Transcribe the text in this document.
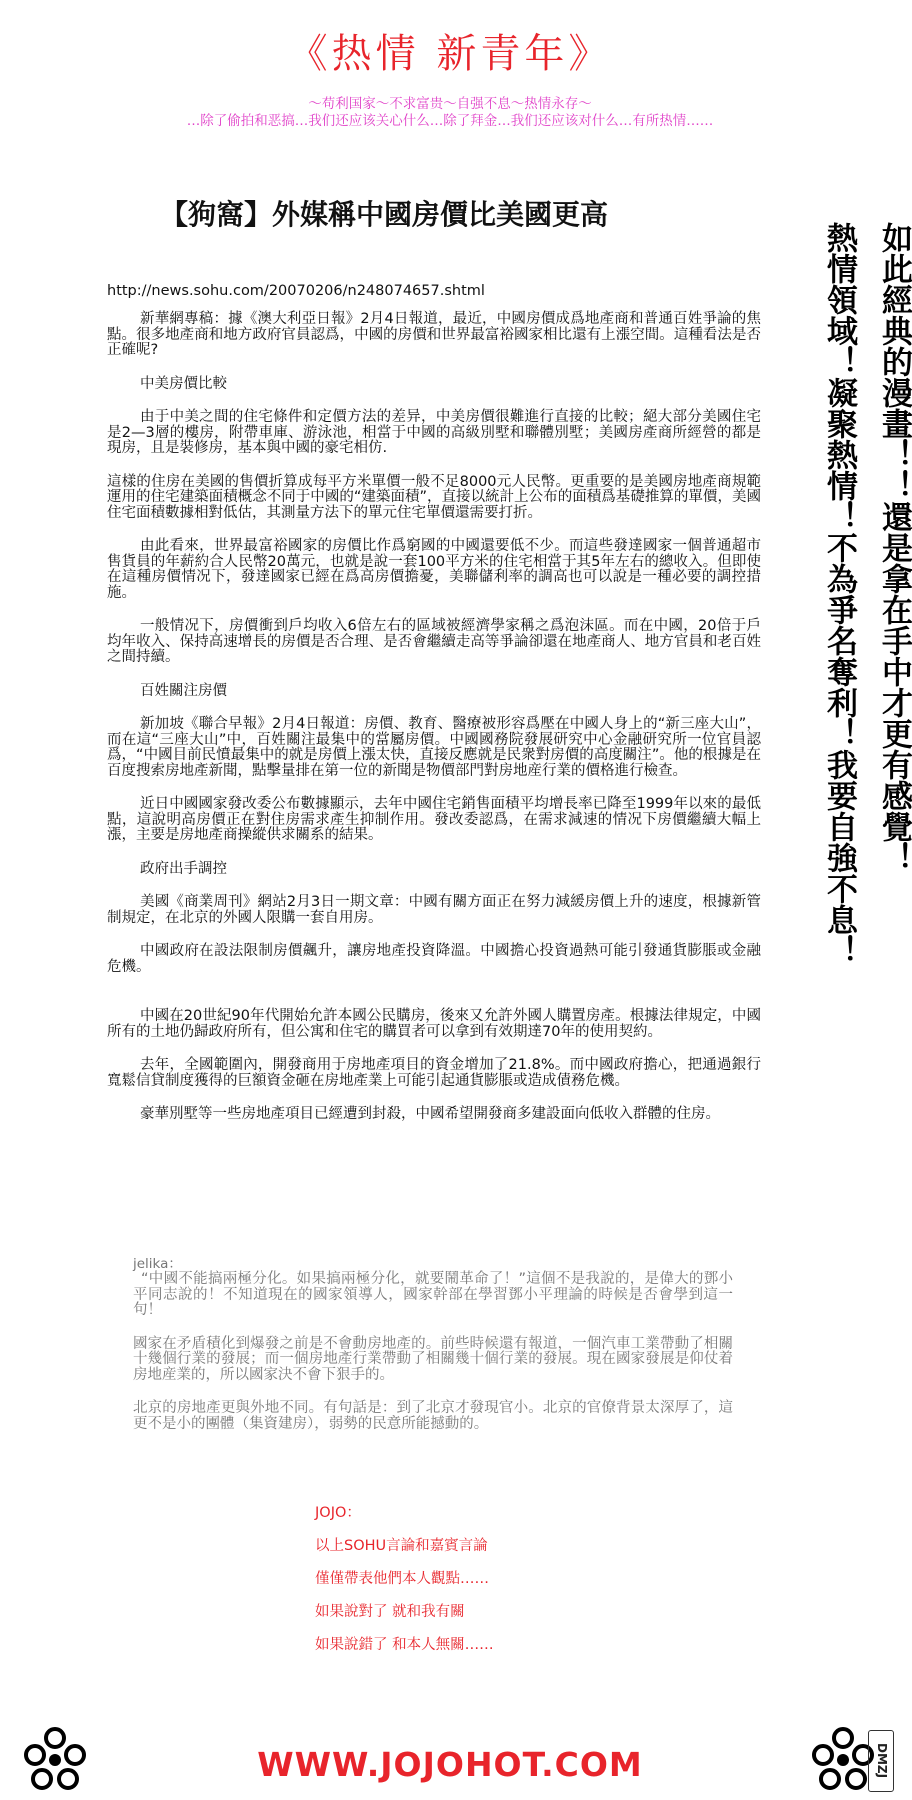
《热情 新青年》

～苟利国家～不求富贵～自强不息～热情永存～

…除了偷拍和恶搞…我们还应该关心什么…除了拜金…我们还应该对什么…有所热情……

【狗窩】外媒稱中國房價比美國更高

http://news.sohu.com/20070206/n248074657.shtml

新華網專稿：據《澳大利亞日報》2月4日報道，最近，中國房價成爲地產商和普通百姓爭論的焦點。很多地產商和地方政府官員認爲，中國的房價和世界最富裕國家相比還有上漲空間。這種看法是否正確呢?

中美房價比較

由于中美之間的住宅條件和定價方法的差异，中美房價很難進行直接的比較；絕大部分美國住宅是2—3層的樓房，附帶車庫、游泳池，相當于中國的高級別墅和聯體別墅；美國房產商所經營的都是現房，且是裝修房，基本與中國的豪宅相仿.

這樣的住房在美國的售價折算成每平方米單價一般不足8000元人民幣。更重要的是美國房地產商規範運用的住宅建築面積概念不同于中國的“建築面積”，直接以統計上公布的面積爲基礎推算的單價，美國住宅面積數據相對低估，其測量方法下的單元住宅單價還需要打折。

由此看來，世界最富裕國家的房價比作爲窮國的中國還要低不少。而這些發達國家一個普通超市售貨員的年薪約合人民幣20萬元，也就是說一套100平方米的住宅相當于其5年左右的總收入。但即使在這種房價情况下，發達國家已經在爲高房價擔憂，美聯儲利率的調高也可以說是一種必要的調控措施。

一般情况下，房價衝到戶均收入6倍左右的區域被經濟學家稱之爲泡沫區。而在中國，20倍于戶均年收入、保持高速增長的房價是否合理、是否會繼續走高等爭論卻還在地產商人、地方官員和老百姓之間持續。

百姓關注房價

新加坡《聯合早報》2月4日報道：房價、教育、醫療被形容爲壓在中國人身上的“新三座大山”，而在這“三座大山”中，百姓關注最集中的當屬房價。中國國務院發展研究中心金融研究所一位官員認爲，“中國目前民憤最集中的就是房價上漲太快，直接反應就是民衆對房價的高度關注”。他的根據是在百度搜索房地產新聞，點擊量排在第一位的新聞是物價部門對房地産行業的價格進行檢查。

近日中國國家發改委公布數據顯示，去年中國住宅銷售面積平均增長率已降至1999年以來的最低點，這說明高房價正在對住房需求產生抑制作用。發改委認爲，在需求減速的情况下房價繼續大幅上漲，主要是房地產商操縱供求關系的結果。

政府出手調控

美國《商業周刊》網站2月3日一期文章：中國有關方面正在努力減緩房價上升的速度，根據新管制規定，在北京的外國人限購一套自用房。

中國政府在設法限制房價飆升，讓房地產投資降溫。中國擔心投資過熱可能引發通貨膨脹或金融危機。

中國在20世紀90年代開始允許本國公民購房，後來又允許外國人購置房產。根據法律規定，中國所有的土地仍歸政府所有，但公寓和住宅的購買者可以拿到有效期達70年的使用契約。

去年，全國範圍內，開發商用于房地產項目的資金增加了21.8%。而中國政府擔心，把通過銀行寬鬆信貸制度獲得的巨額資金砸在房地產業上可能引起通貨膨脹或造成債務危機。

豪華別墅等一些房地產項目已經遭到封殺，中國希望開發商多建設面向低收入群體的住房。

jelika：

“中國不能搞兩極分化。如果搞兩極分化，就要鬧革命了！”這個不是我說的，是偉大的鄧小平同志說的！不知道現在的國家領導人，國家幹部在學習鄧小平理論的時候是否會學到這一句！

國家在矛盾積化到爆發之前是不會動房地產的。前些時候還有報道，一個汽車工業帶動了相關十幾個行業的發展；而一個房地產行業帶動了相關幾十個行業的發展。現在國家發展是仰仗着房地産業的，所以國家決不會下狠手的。

北京的房地產更與外地不同。有句話是：到了北京才發現官小。北京的官僚背景太深厚了，這更不是小的團體（集資建房），弱勢的民意所能撼動的。

JOJO：

以上SOHU言論和嘉賓言論

僅僅帶表他們本人觀點……

如果說對了 就和我有關

如果說錯了 和本人無關……

如此經典的漫畫！！還是拿在手中才更有感覺！

熱情領域！凝聚熱情！不為爭名奪利！我要自強不息！

DMZJ

WWW.JOJOHOT.COM
